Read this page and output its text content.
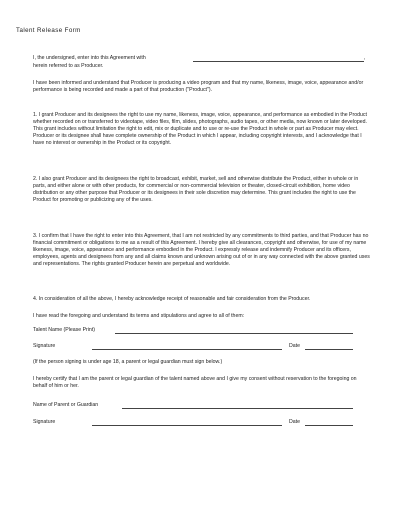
Talent Release Form
I, the undersigned, enter into this Agreement with	,

herein referred to as Producer.

I have been informed and understand that Producer is producing a video program and that my name, likeness, image, voice, appearance and/or performance is being recorded and made a part of that production ("Product").

1. I grant Producer and its designees the right to use my name, likeness, image, voice, appearance, and performance as embodied in the Product whether recorded on or transferred to videotape, video files, film, slides, photographs, audio tapes, or other media, now known or later developed. This grant includes without limitation the right to edit, mix or duplicate and to use or re-use the Product in whole or part as Producer may elect. Producer or its designee shall have complete ownership of the Product in which I appear, including copyright interests, and I acknowledge that I have no interest or ownership in the Product or its copyright.

2. I also grant Producer and its designees the right to broadcast, exhibit, market, sell and otherwise distribute the Product, either in whole or in parts, and either alone or with other products, for commercial or non-commercial television or theater, closed-circuit exhibition, home video distribution or any other purpose that Producer or its designees in their sole discretion may determine. This grant includes the right to use the Product for promoting or publicizing any of the uses.

3. I confirm that I have the right to enter into this Agreement, that I am not restricted by any commitments to third parties, and that Producer has no financial commitment or obligations to me as a result of this Agreement. I hereby give all clearances, copyright and otherwise, for use of my name likeness, image, voice, appearance and performance embodied in the Product. I expressly release and indemnify Producer and its officers, employees, agents and designees from any and all claims known and unknown arising out of or in any way connected with the above granted uses and representations. The rights granted Producer herein are perpetual and worldwide.

4. In consideration of all the above, I hereby acknowledge receipt of reasonable and fair consideration from the Producer.

I have read the foregoing and understand its terms and stipulations and agree to all of them:

Talent Name (Please Print)
Signature	Date

(If the person signing is under age 18, a parent or legal guardian must sign below.)

I hereby certify that I am the parent or legal guardian of the talent named above and I give my consent without reservation to the foregoing on behalf of him or her.

Name of Parent or Guardian
Signature	Date
